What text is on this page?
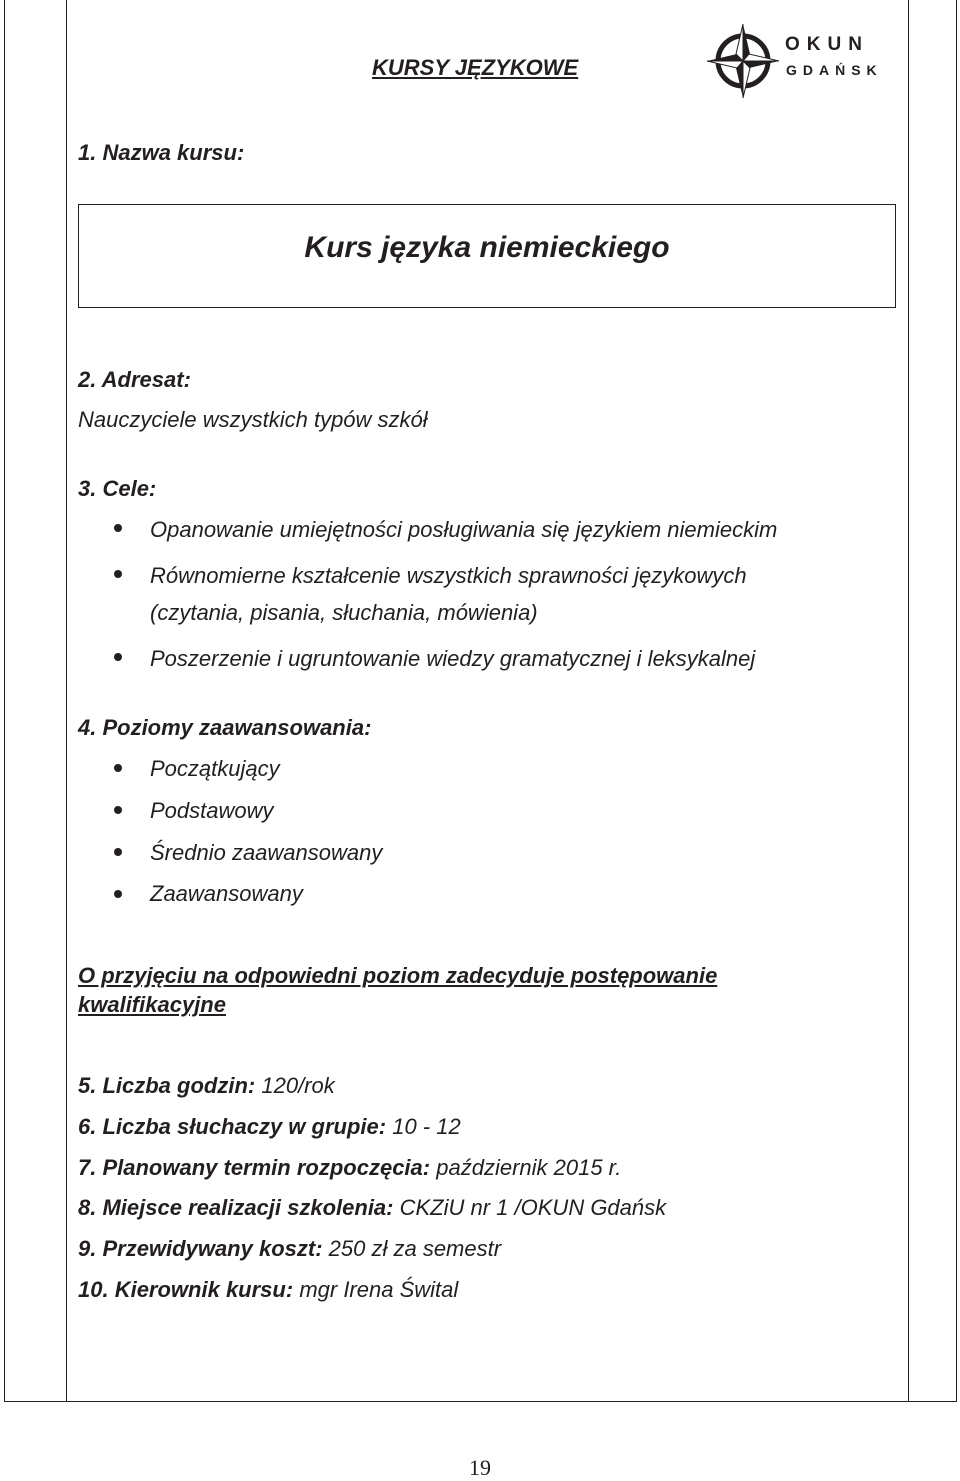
KURSY JĘZYKOWE
OKUN
GDAŃSK
1. Nazwa kursu:
Kurs języka niemieckiego
2. Adresat:
Nauczyciele wszystkich typów szkół
3. Cele:
Opanowanie umiejętności posługiwania się językiem niemieckim
Równomierne kształcenie wszystkich sprawności językowych
(czytania, pisania, słuchania, mówienia)
Poszerzenie i ugruntowanie wiedzy gramatycznej i leksykalnej
4. Poziomy zaawansowania:
Początkujący
Podstawowy
Średnio zaawansowany
Zaawansowany
O przyjęciu na odpowiedni poziom zadecyduje postępowanie
kwalifikacyjne
5. Liczba godzin: 120/rok
6. Liczba słuchaczy w grupie: 10 - 12
7. Planowany termin rozpoczęcia: październik 2015 r.
8. Miejsce realizacji szkolenia: CKZiU nr 1 /OKUN Gdańsk
9. Przewidywany koszt: 250 zł za semestr
10. Kierownik kursu: mgr Irena Śwital
19
